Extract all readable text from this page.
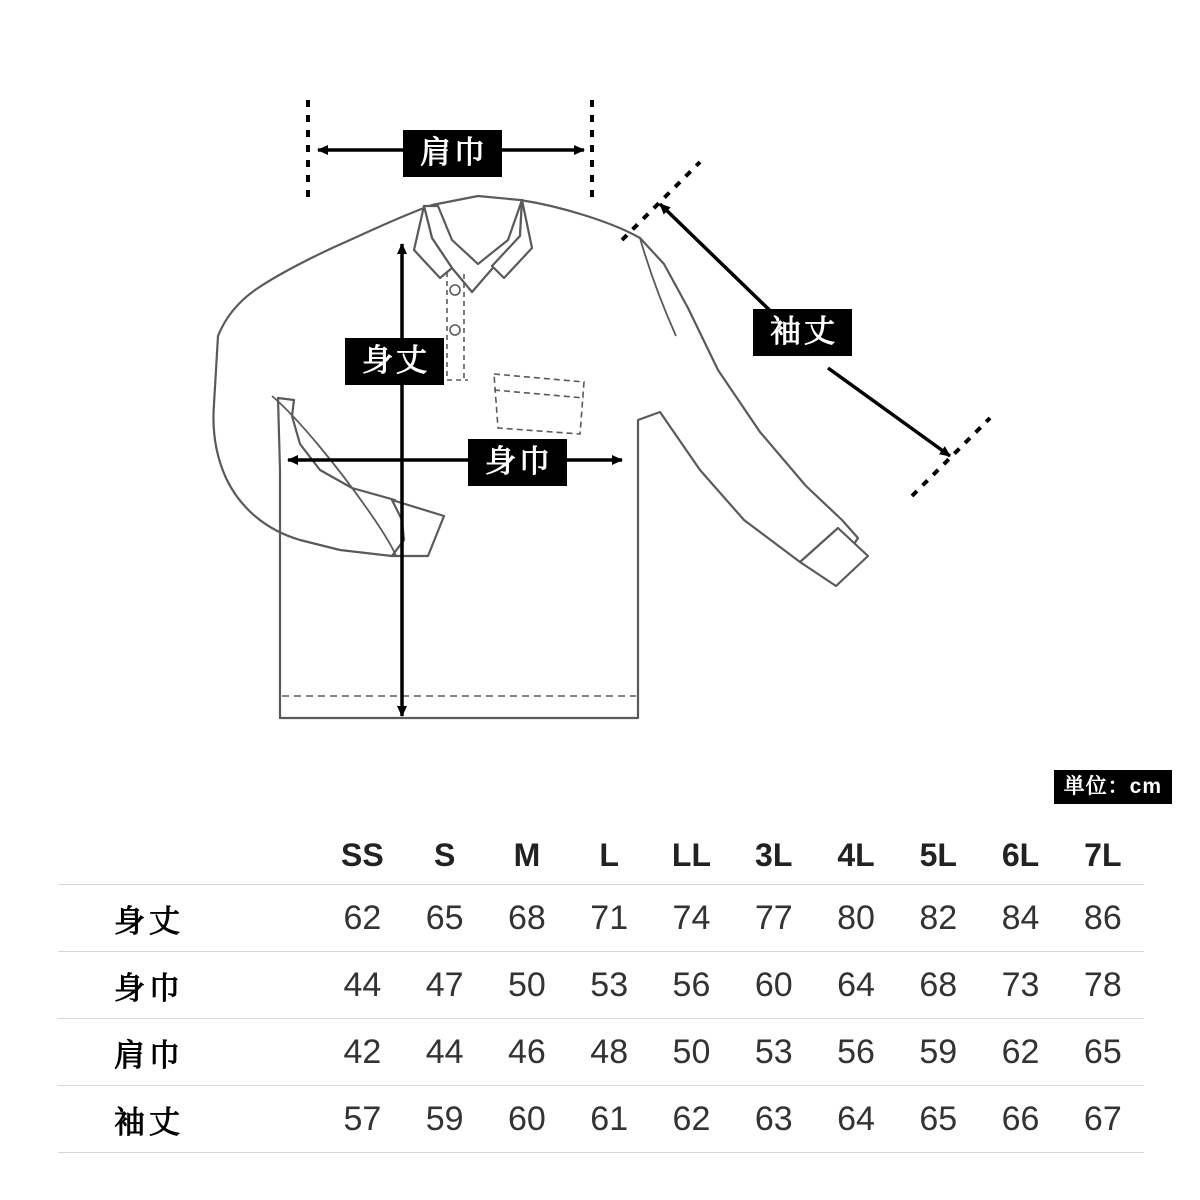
肩巾
身丈
身巾
袖丈
単位：cm
	SS	S	M	L	LL	3L	4L	5L	6L	7L
身丈	62	65	68	71	74	77	80	82	84	86
身巾	44	47	50	53	56	60	64	68	73	78
肩巾	42	44	46	48	50	53	56	59	62	65
袖丈	57	59	60	61	62	63	64	65	66	67
